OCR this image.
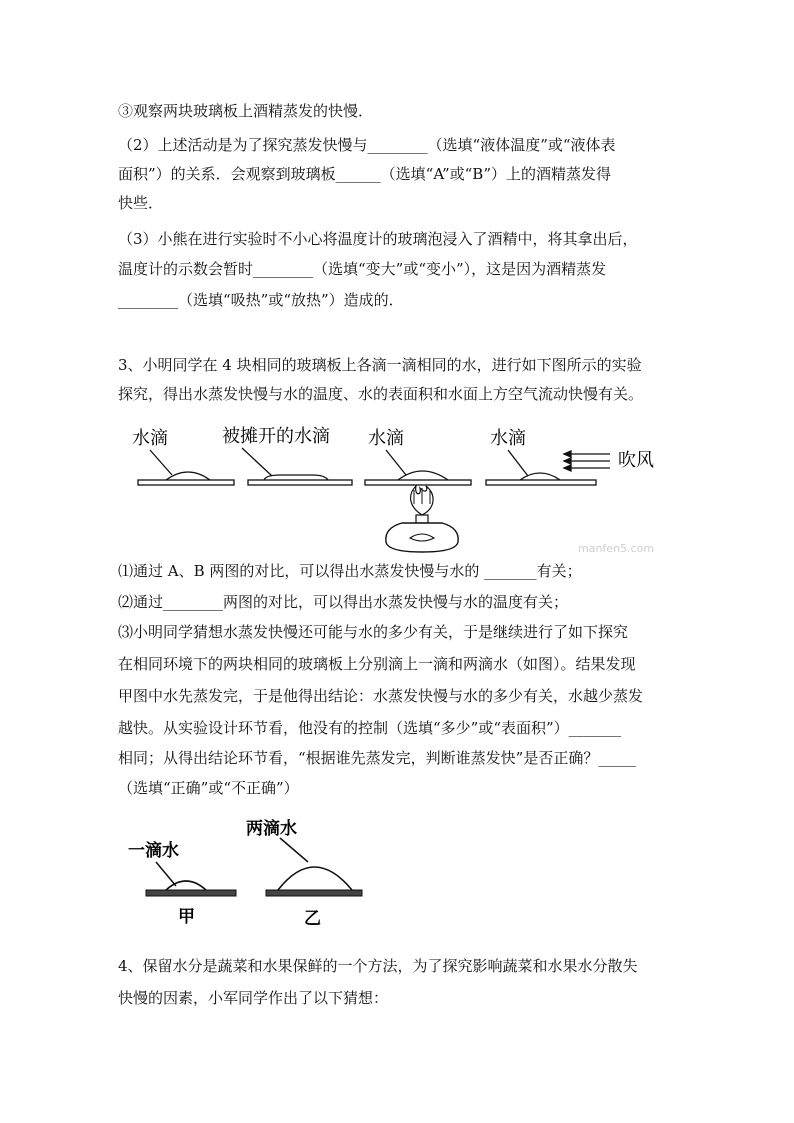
③观察两块玻璃板上酒精蒸发的快慢．
（2）上述活动是为了探究蒸发快慢与________（选填“液体温度”或“液体表
面积”）的关系．会观察到玻璃板______（选填“A”或“B”）上的酒精蒸发得
快些．
（3）小熊在进行实验时不小心将温度计的玻璃泡浸入了酒精中，将其拿出后，
温度计的示数会暂时________（选填“变大”或“变小”），这是因为酒精蒸发
________（选填“吸热”或“放热”）造成的．
3、小明同学在 4 块相同的玻璃板上各滴一滴相同的水，进行如下图所示的实验
探究，得出水蒸发快慢与水的温度、水的表面积和水面上方空气流动快慢有关。
水滴	被摊开的水滴 水滴	水滴
吹风
manfen5.com
⑴通过 A、B 两图的对比，可以得出水蒸发快慢与水的 _______有关；
⑵通过________两图的对比，可以得出水蒸发快慢与水的温度有关；
⑶小明同学猜想水蒸发快慢还可能与水的多少有关，于是继续进行了如下探究
在相同环境下的两块相同的玻璃板上分别滴上一滴和两滴水（如图）。结果发现
甲图中水先蒸发完，于是他得出结论：水蒸发快慢与水的多少有关，水越少蒸发
越快。从实验设计环节看，他没有的控制（选填“多少”或“表面积”）_______
相同；从得出结论环节看，“根据谁先蒸发完，判断谁蒸发快”是否正确？_____
（选填“正确”或“不正确”）
一滴水
甲
两滴水
乙
4、保留水分是蔬菜和水果保鲜的一个方法，为了探究影响蔬菜和水果水分散失
快慢的因素，小军同学作出了以下猜想：
